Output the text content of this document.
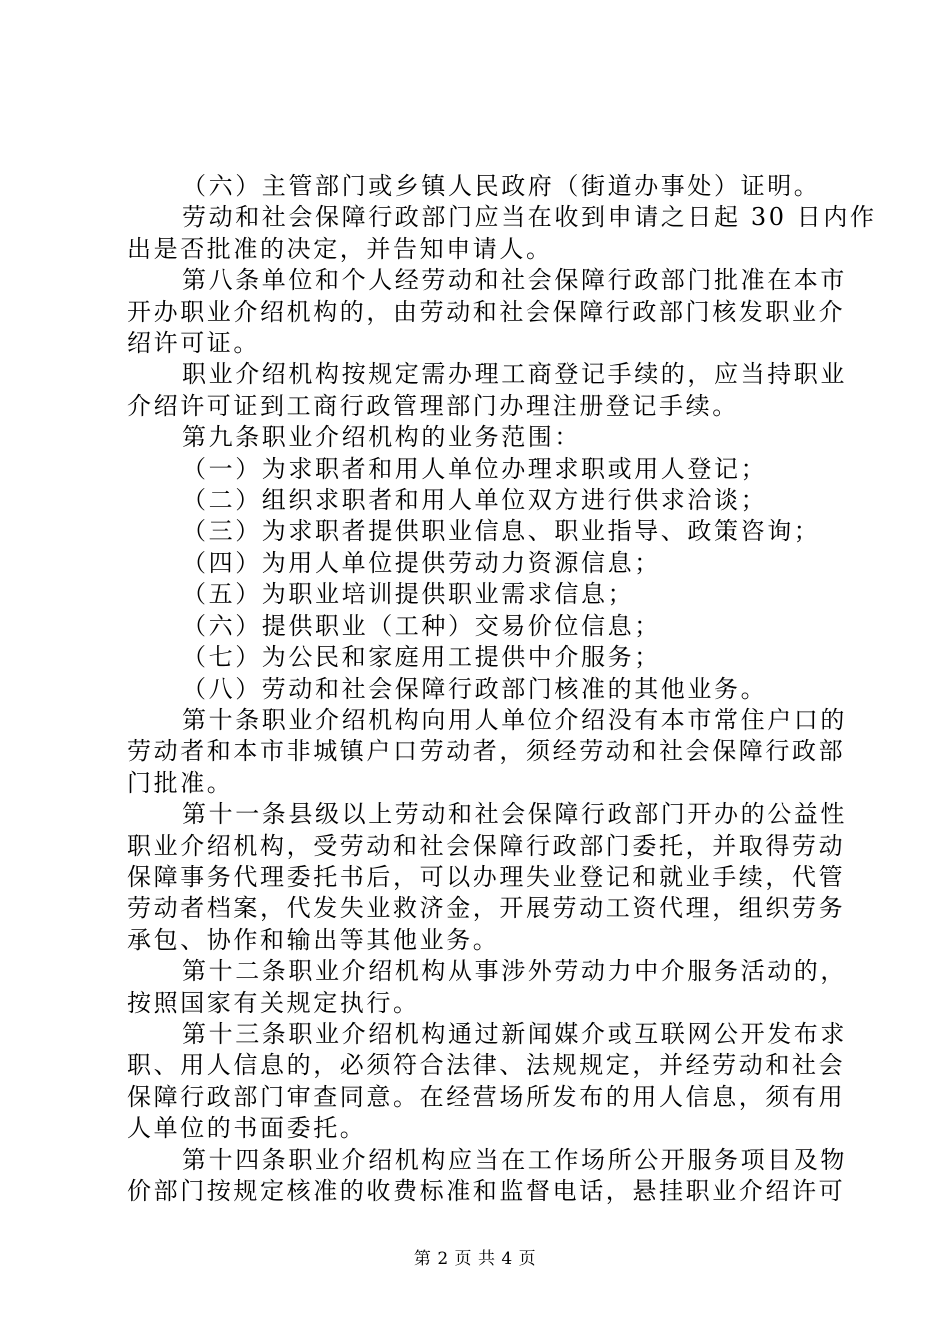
（六）主管部门或乡镇人民政府（街道办事处）证明。

劳动和社会保障行政部门应当在收到申请之日起 30 日内作

出是否批准的决定，并告知申请人。

第八条单位和个人经劳动和社会保障行政部门批准在本市

开办职业介绍机构的，由劳动和社会保障行政部门核发职业介

绍许可证。

职业介绍机构按规定需办理工商登记手续的，应当持职业

介绍许可证到工商行政管理部门办理注册登记手续。

第九条职业介绍机构的业务范围：

（一）为求职者和用人单位办理求职或用人登记；

（二）组织求职者和用人单位双方进行供求洽谈；

（三）为求职者提供职业信息、职业指导、政策咨询；

（四）为用人单位提供劳动力资源信息；

（五）为职业培训提供职业需求信息；

（六）提供职业（工种）交易价位信息；

（七）为公民和家庭用工提供中介服务；

（八）劳动和社会保障行政部门核准的其他业务。

第十条职业介绍机构向用人单位介绍没有本市常住户口的

劳动者和本市非城镇户口劳动者，须经劳动和社会保障行政部

门批准。

第十一条县级以上劳动和社会保障行政部门开办的公益性

职业介绍机构，受劳动和社会保障行政部门委托，并取得劳动

保障事务代理委托书后，可以办理失业登记和就业手续，代管

劳动者档案，代发失业救济金，开展劳动工资代理，组织劳务

承包、协作和输出等其他业务。

第十二条职业介绍机构从事涉外劳动力中介服务活动的，

按照国家有关规定执行。

第十三条职业介绍机构通过新闻媒介或互联网公开发布求

职、用人信息的，必须符合法律、法规规定，并经劳动和社会

保障行政部门审查同意。在经营场所发布的用人信息，须有用

人单位的书面委托。

第十四条职业介绍机构应当在工作场所公开服务项目及物

价部门按规定核准的收费标准和监督电话，悬挂职业介绍许可

第 2 页 共 4 页
